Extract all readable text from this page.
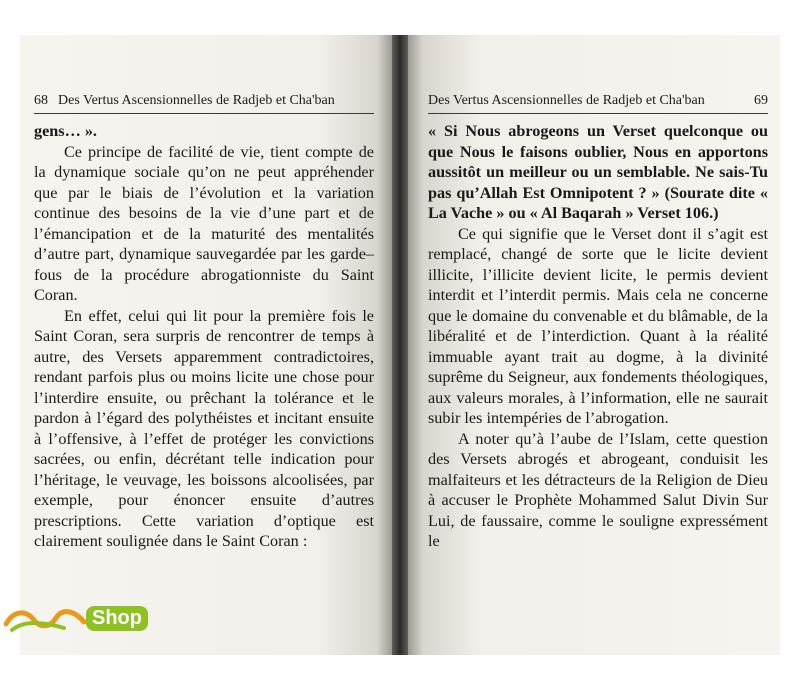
68 Des Vertus Ascensionnelles de Radjeb et Cha'ban

gens… ».

Ce principe de facilité de vie, tient compte de la dynamique sociale qu’on ne peut appréhender que par le biais de l’évolution et la variation continue des besoins de la vie d’une part et de l’émancipation et de la maturité des mentalités d’autre part, dynamique sauvegardée par les garde–fous de la procédure abrogationniste du Saint Coran.

En effet, celui qui lit pour la première fois le Saint Coran, sera surpris de rencontrer de temps à autre, des Versets apparemment contradictoires, rendant parfois plus ou moins licite une chose pour l’interdire ensuite, ou prêchant la tolérance et le pardon à l’égard des polythéistes et incitant ensuite à l’offensive, à l’effet de protéger les convictions sacrées, ou enfin, décrétant telle indication pour l’héritage, le veuvage, les boissons alcoolisées, par exemple, pour énoncer ensuite d’autres prescriptions. Cette variation d’optique est clairement soulignée dans le Saint Coran :

Des Vertus Ascensionnelles de Radjeb et Cha'ban	69

« Si Nous abrogeons un Verset quelconque ou que Nous le faisons oublier, Nous en apportons aussitôt un meilleur ou un semblable. Ne sais-Tu pas qu’Allah Est Omnipotent ? » (Sourate dite « La Vache » ou « Al Baqarah » Verset 106.)

Ce qui signifie que le Verset dont il s’agit est remplacé, changé de sorte que le licite devient illicite, l’illicite devient licite, le permis devient interdit et l’interdit permis. Mais cela ne concerne que le domaine du convenable et du blâmable, de la libéralité et de l’interdiction. Quant à la réalité immuable ayant trait au dogme, à la divinité suprême du Seigneur, aux fondements théologiques, aux valeurs morales, à l’information, elle ne saurait subir les intempéries de l’abrogation.

A noter qu’à l’aube de l’Islam, cette question des Versets abrogés et abrogeant, conduisit les malfaiteurs et les détracteurs de la Religion de Dieu à accuser le Prophète Mohammed Salut Divin Sur Lui, de faussaire, comme le souligne expressément le

Shop
